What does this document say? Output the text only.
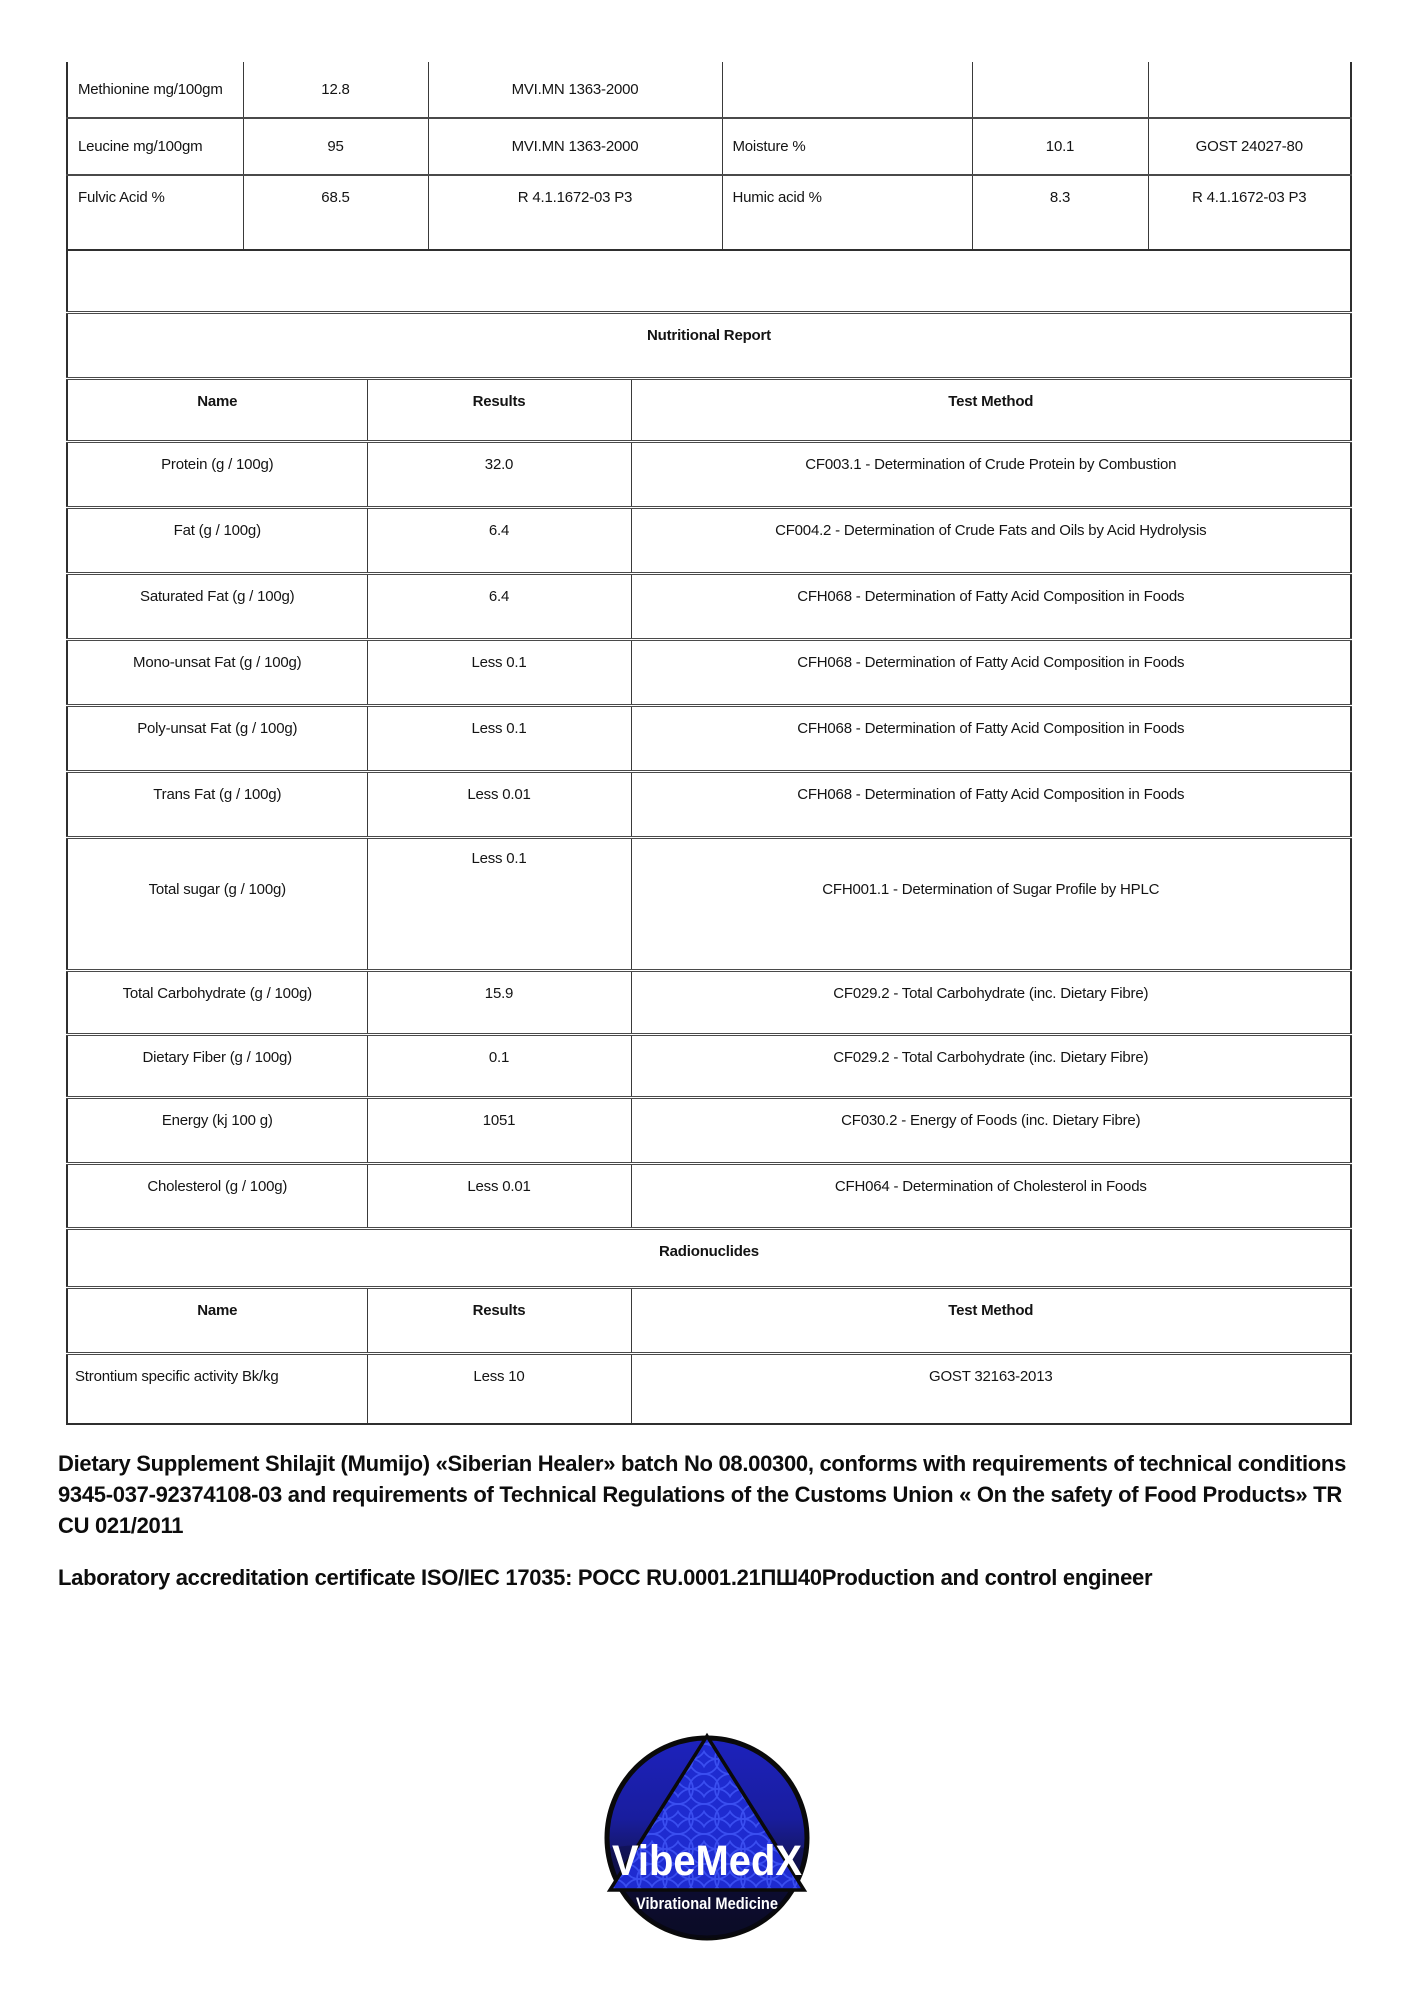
Methionine mg/100gm	12.8	MVI.MN 1363-2000			
Leucine mg/100gm	95	MVI.MN 1363-2000	Moisture %	10.1	GOST 24027-80
Fulvic Acid %	68.5	R 4.1.1672-03 P3	Humic acid %	8.3	R 4.1.1672-03 P3

Nutritional Report		
Name	Results	Test Method
Protein (g / 100g)	32.0	CF003.1 - Determination of Crude Protein by Combustion
Fat (g / 100g)	6.4	CF004.2 - Determination of Crude Fats and Oils by Acid Hydrolysis
Saturated Fat (g / 100g)	6.4	CFH068 - Determination of Fatty Acid Composition in Foods
Mono-unsat Fat (g / 100g)	Less 0.1	CFH068 - Determination of Fatty Acid Composition in Foods
Poly-unsat Fat (g / 100g)	Less 0.1	CFH068 - Determination of Fatty Acid Composition in Foods
Trans Fat (g / 100g)	Less 0.01	CFH068 - Determination of Fatty Acid Composition in Foods
Total sugar (g / 100g)	Less 0.1	CFH001.1 - Determination of Sugar Profile by HPLC
Total Carbohydrate (g / 100g)	15.9	CF029.2 - Total Carbohydrate (inc. Dietary Fibre)
Dietary Fiber (g / 100g)	0.1	CF029.2 - Total Carbohydrate (inc. Dietary Fibre)
Energy (kj 100 g)	1051	CF030.2 - Energy of Foods (inc. Dietary Fibre)
Cholesterol (g / 100g)	Less 0.01	CFH064 - Determination of Cholesterol in Foods
Radionuclides		
Name	Results	Test Method
Strontium specific activity Bk/kg	Less 10	GOST 32163-2013
Dietary Supplement Shilajit (Mumijo) «Siberian Healer» batch No 08.00300, conforms with requirements of technical conditions 9345-037-92374108-03 and requirements of Technical Regulations of the Customs Union « On the safety of Food Products» TR CU 021/2011
Laboratory accreditation certificate ISO/IEC 17035: POCC RU.0001.21ПШ40Production and control engineer
VibeMedX
Vibrational Medicine
